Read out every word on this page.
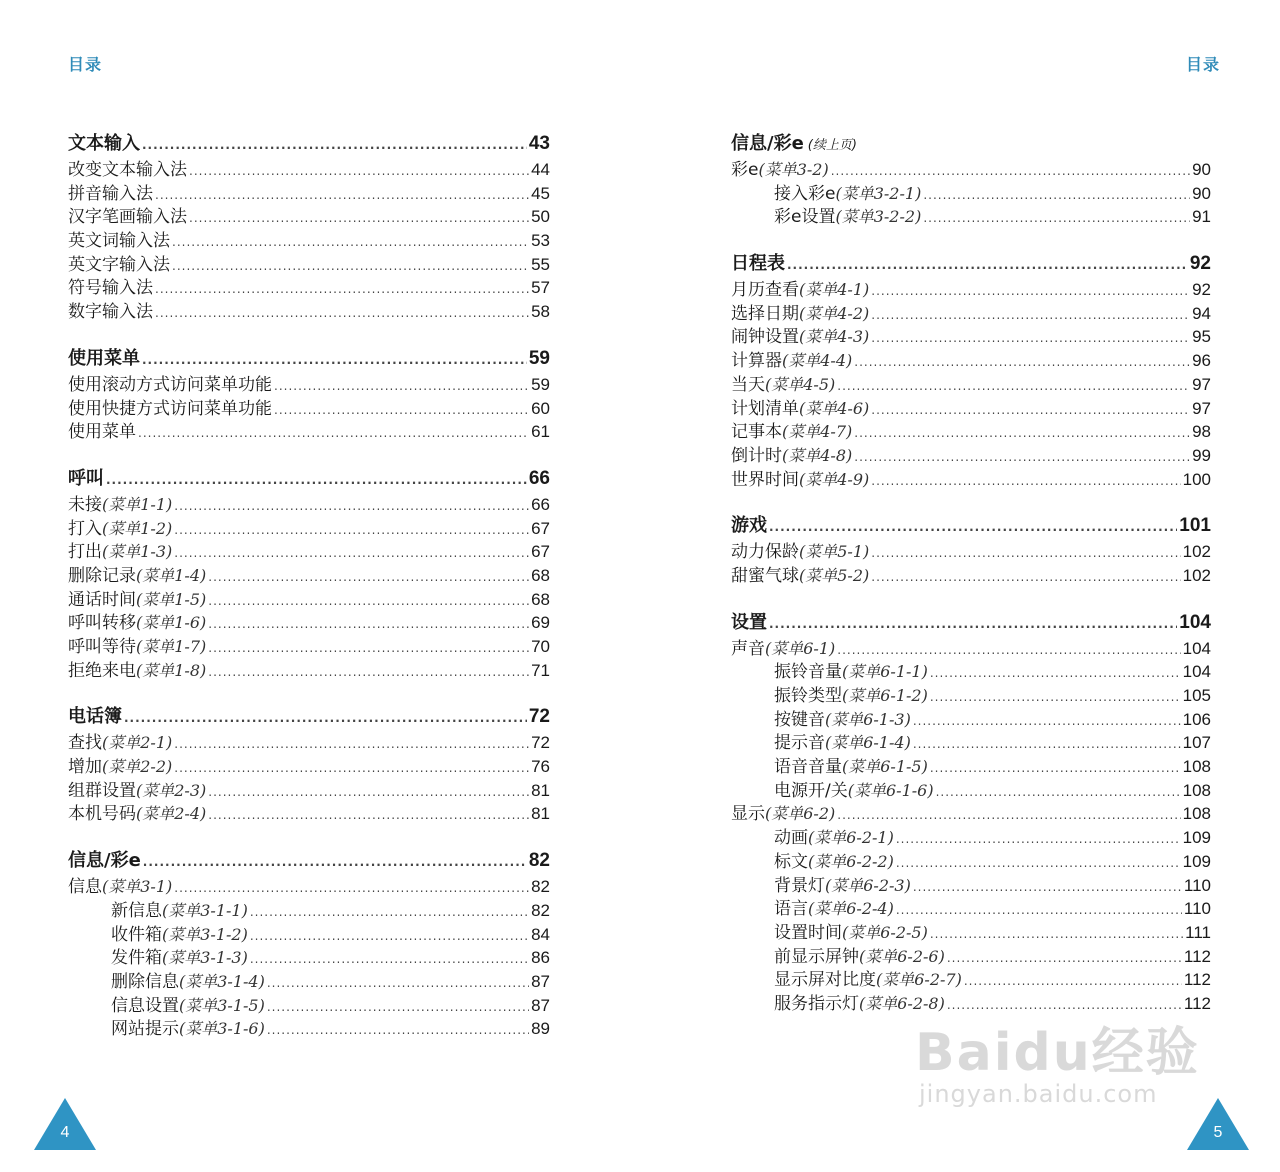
目录
文本输入 .....	43
改变文本输入法 .....	44
拼音输入法 .....	45
汉字笔画输入法 .....	50
英文词输入法 .....	53
英文字输入法 .....	55
符号输入法 .....	57
数字输入法 .....	58
使用菜单 .....	59
使用滚动方式访问菜单功能 .....	59
使用快捷方式访问菜单功能 .....	60
使用菜单 .....	61
呼叫 .....	66
未接 (菜单1-1) .....	66
打入 (菜单1-2) .....	67
打出 (菜单1-3) .....	67
删除记录 (菜单1-4) .....	68
通话时间 (菜单1-5) .....	68
呼叫转移 (菜单1-6) .....	69
呼叫等待 (菜单1-7) .....	70
拒绝来电 (菜单1-8) .....	71
电话簿 .....	72
查找 (菜单2-1) .....	72
增加 (菜单2-2) .....	76
组群设置 (菜单2-3) .....	81
本机号码 (菜单2-4) .....	81
信息/彩e .....	82
信息 (菜单3-1) .....	82
新信息 (菜单3-1-1) .....	82
收件箱 (菜单3-1-2) .....	84
发件箱 (菜单3-1-3) .....	86
删除信息 (菜单3-1-4) .....	87
信息设置 (菜单3-1-5) .....	87
网站提示 (菜单3-1-6) .....	89
4
目录
信息/彩e (续上页)
彩e (菜单3-2) .....	90
接入彩e (菜单3-2-1) .....	90
彩e设置 (菜单3-2-2) .....	91
日程表 .....	92
月历查看 (菜单4-1) .....	92
选择日期 (菜单4-2) .....	94
闹钟设置 (菜单4-3) .....	95
计算器 (菜单4-4) .....	96
当天 (菜单4-5) .....	97
计划清单 (菜单4-6) .....	97
记事本 (菜单4-7) .....	98
倒计时 (菜单4-8) .....	99
世界时间 (菜单4-9) .....	100
游戏 .....	101
动力保龄 (菜单5-1) .....	102
甜蜜气球 (菜单5-2) .....	102
设置 .....	104
声音 (菜单6-1) .....	104
振铃音量 (菜单6-1-1) .....	104
振铃类型 (菜单6-1-2) .....	105
按键音 (菜单6-1-3) .....	106
提示音 (菜单6-1-4) .....	107
语音音量 (菜单6-1-5) .....	108
电源开/关 (菜单6-1-6) .....	108
显示 (菜单6-2) .....	108
动画 (菜单6-2-1) .....	109
标文 (菜单6-2-2) .....	109
背景灯 (菜单6-2-3) .....	110
语言 (菜单6-2-4) .....	110
设置时间 (菜单6-2-5) .....	111
前显示屏钟 (菜单6-2-6) .....	112
显示屏对比度 (菜单6-2-7) .....	112
服务指示灯 (菜单6-2-8) .....	112
5
Baidu经验
jingyan.baidu.com
